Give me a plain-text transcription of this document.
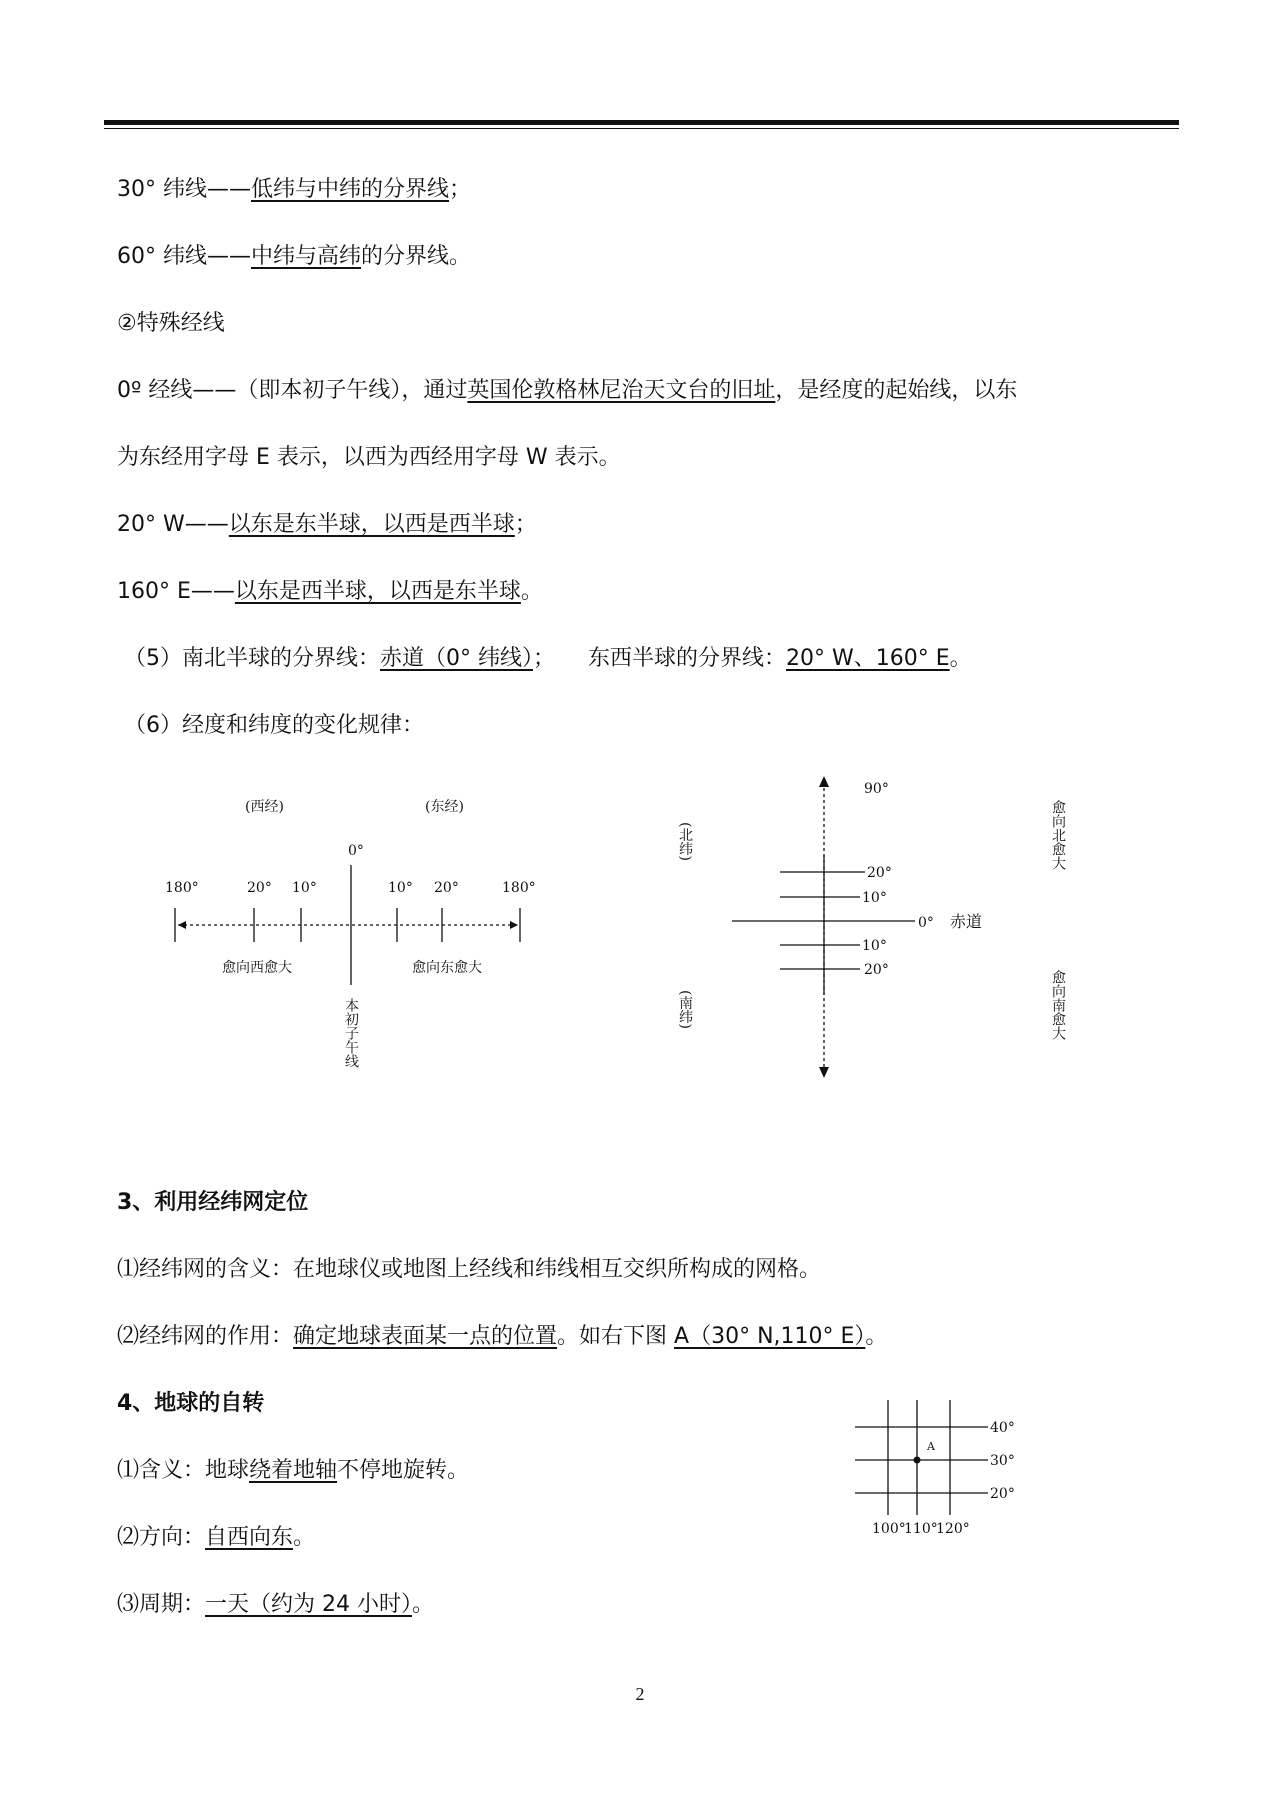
30° 纬线——低纬与中纬的分界线；
60° 纬线——中纬与高纬的分界线。
②特殊经线
0º 经线——（即本初子午线），通过英国伦敦格林尼治天文台的旧址，是经度的起始线，以东
为东经用字母 E 表示，以西为西经用字母 W 表示。
20° W——以东是东半球，以西是西半球；
160° E——以东是西半球，以西是东半球。
（5）南北半球的分界线：赤道（0° 纬线）；　　东西半球的分界线：20° W、160° E。
（6）经度和纬度的变化规律：
(西经)	(东经)
0°
180°	20° 10°	10° 20°	180°
愈向西愈大	愈向东愈大
本初子午线
90°
20°
10°
0° 赤道
10°
20°
(北纬)
(南纬)
愈向北愈大
愈向南愈大
3、利用经纬网定位
⑴经纬网的含义：在地球仪或地图上经线和纬线相互交织所构成的网格。
⑵经纬网的作用：确定地球表面某一点的位置。如右下图 A（30° N,110° E）。
4、地球的自转
⑴含义：地球绕着地轴不停地旋转。
⑵方向：自西向东。
⑶周期：一天（约为 24 小时）。
A
40°
30°
20°
100°
110°
120°
2
